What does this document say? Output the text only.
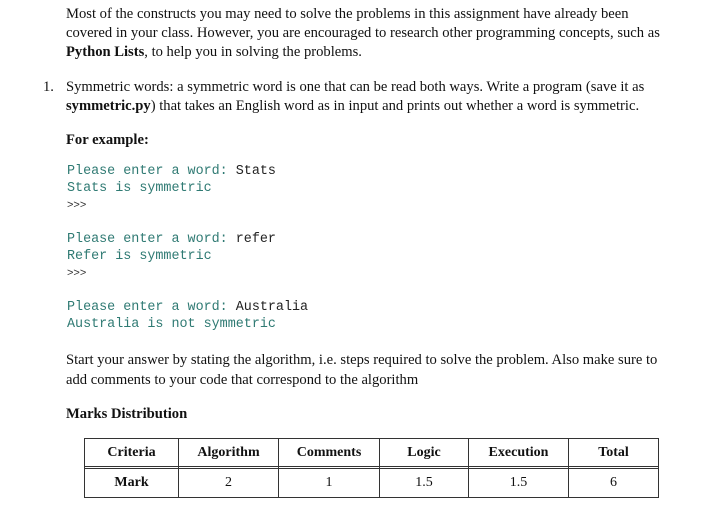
Most of the constructs you may need to solve the problems in this assignment have already been covered in your class. However, you are encouraged to research other programming concepts, such as Python Lists, to help you in solving the problems.

1. Symmetric words: a symmetric word is one that can be read both ways. Write a program (save it as symmetric.py) that takes an English word as in input and prints out whether a word is symmetric.

For example:

Please enter a word: Stats
Stats is symmetric
>>>
Please enter a word: refer
Refer is symmetric
>>>
Please enter a word: Australia
Australia is not symmetric

Start your answer by stating the algorithm, i.e. steps required to solve the problem. Also make sure to add comments to your code that correspond to the algorithm

Marks Distribution

Criteria	Algorithm	Comments	Logic	Execution	Total

Mark	2	1	1.5	1.5	6
